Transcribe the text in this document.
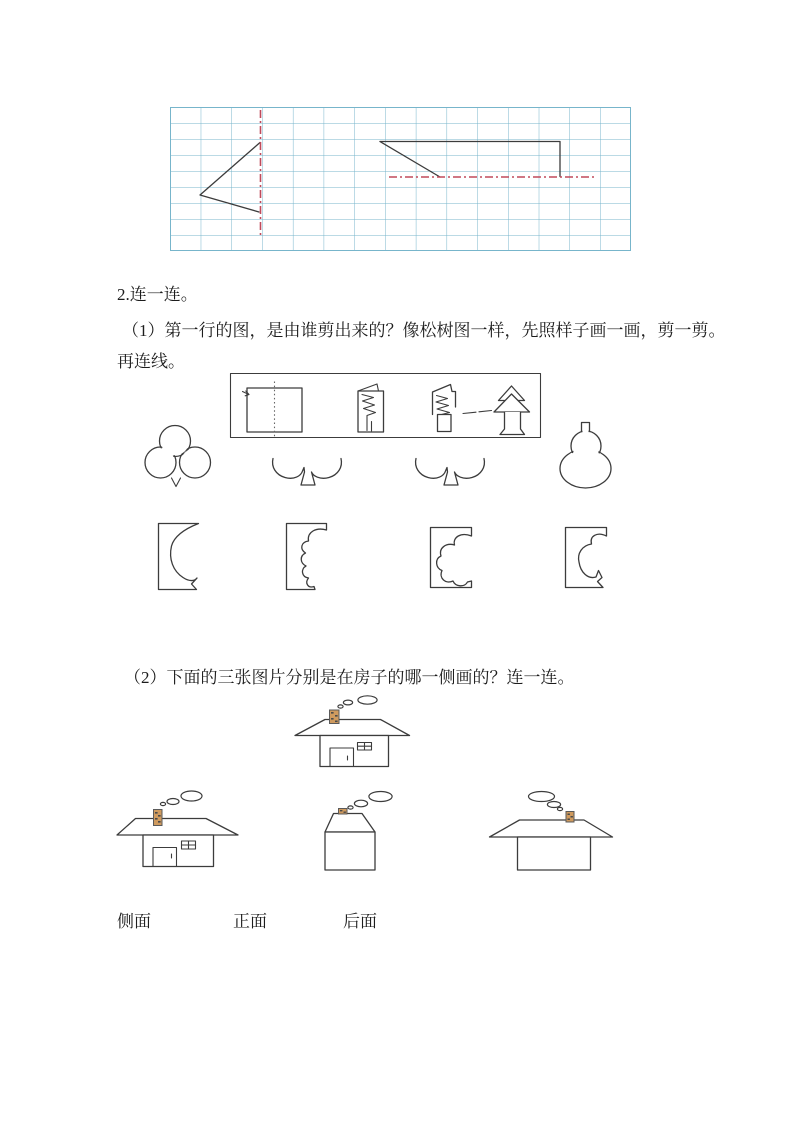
2.连一连。
（1）第一行的图，是由谁剪出来的？像松树图一样，先照样子画一画，剪一剪。
再连线。
（2）下面的三张图片分别是在房子的哪一侧画的？连一连。
侧面	正面	后面
